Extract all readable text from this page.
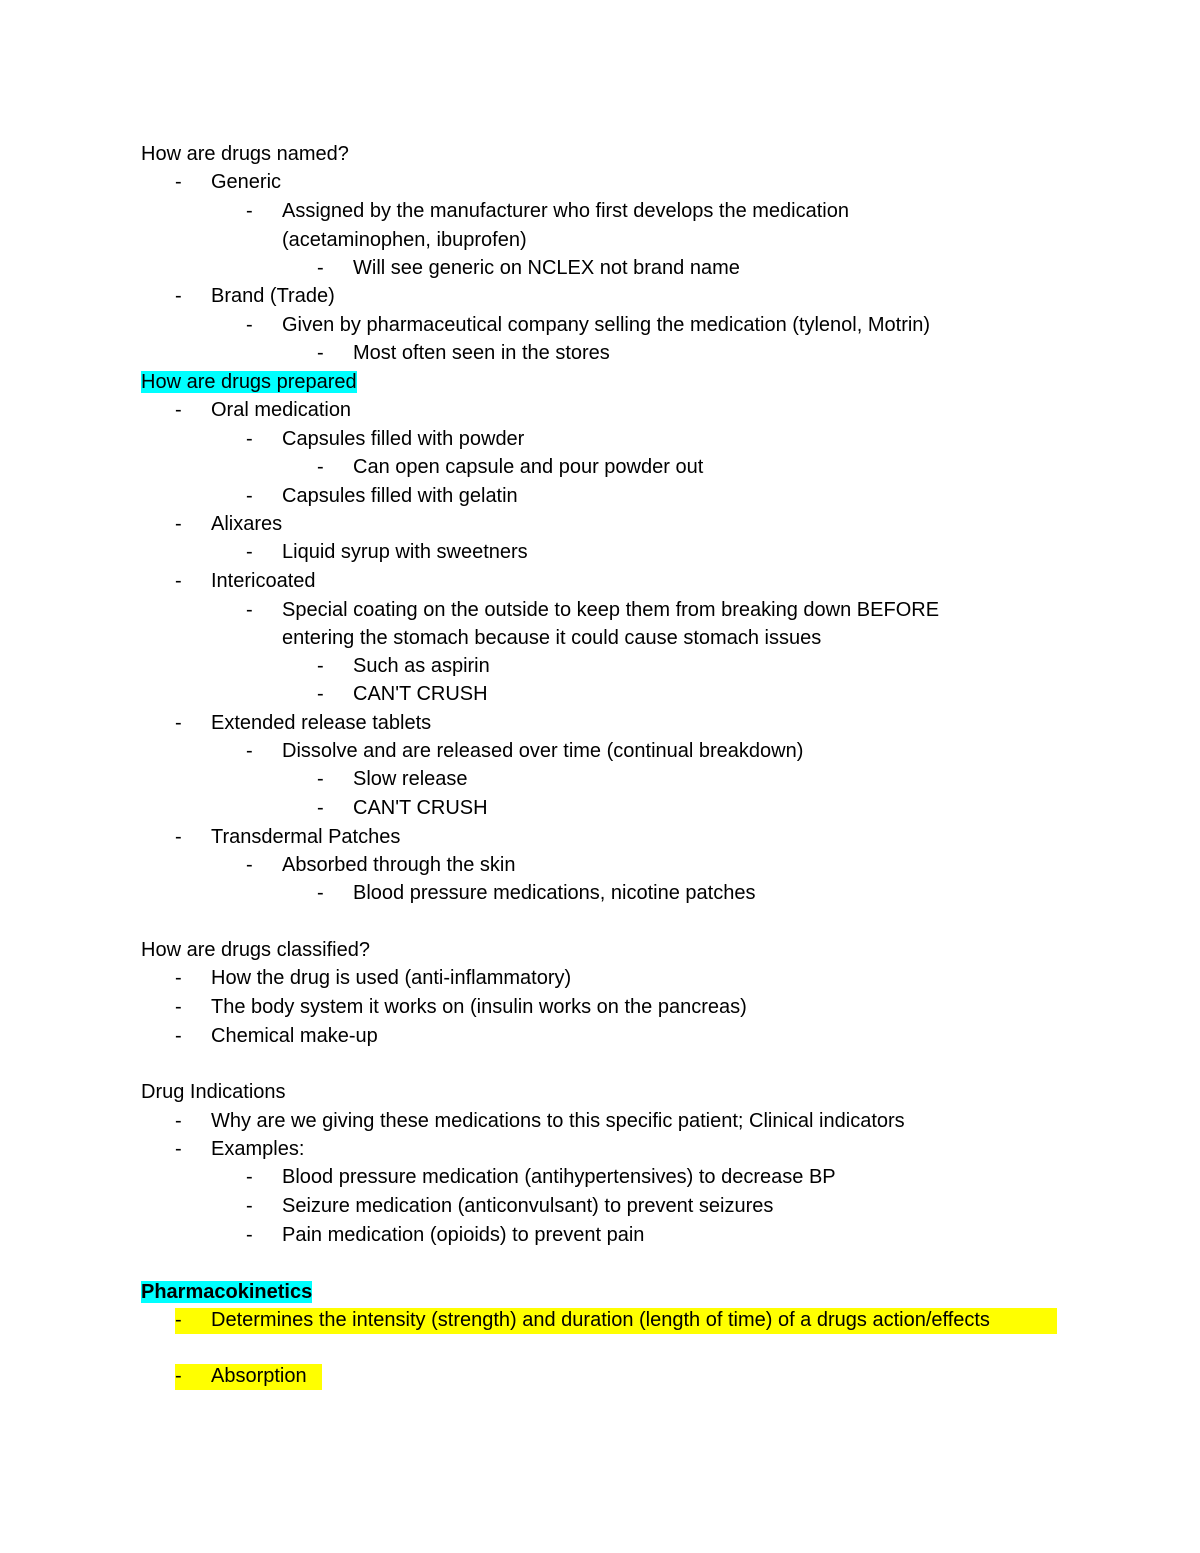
How are drugs named?
- Generic
- Assigned by the manufacturer who first develops the medication
(acetaminophen, ibuprofen)
- Will see generic on NCLEX not brand name
- Brand (Trade)
- Given by pharmaceutical company selling the medication (tylenol, Motrin)
- Most often seen in the stores
How are drugs prepared
- Oral medication
- Capsules filled with powder
- Can open capsule and pour powder out
- Capsules filled with gelatin
- Alixares
- Liquid syrup with sweetners
- Intericoated
- Special coating on the outside to keep them from breaking down BEFORE
entering the stomach because it could cause stomach issues
- Such as aspirin
- CAN'T CRUSH
- Extended release tablets
- Dissolve and are released over time (continual breakdown)
- Slow release
- CAN'T CRUSH
- Transdermal Patches
- Absorbed through the skin
- Blood pressure medications, nicotine patches
How are drugs classified?
- How the drug is used (anti-inflammatory)
- The body system it works on (insulin works on the pancreas)
- Chemical make-up
Drug Indications
- Why are we giving these medications to this specific patient; Clinical indicators
- Examples:
- Blood pressure medication (antihypertensives) to decrease BP
- Seizure medication (anticonvulsant) to prevent seizures
- Pain medication (opioids) to prevent pain
Pharmacokinetics
- Determines the intensity (strength) and duration (length of time) of a drugs action/effects
- Absorption
